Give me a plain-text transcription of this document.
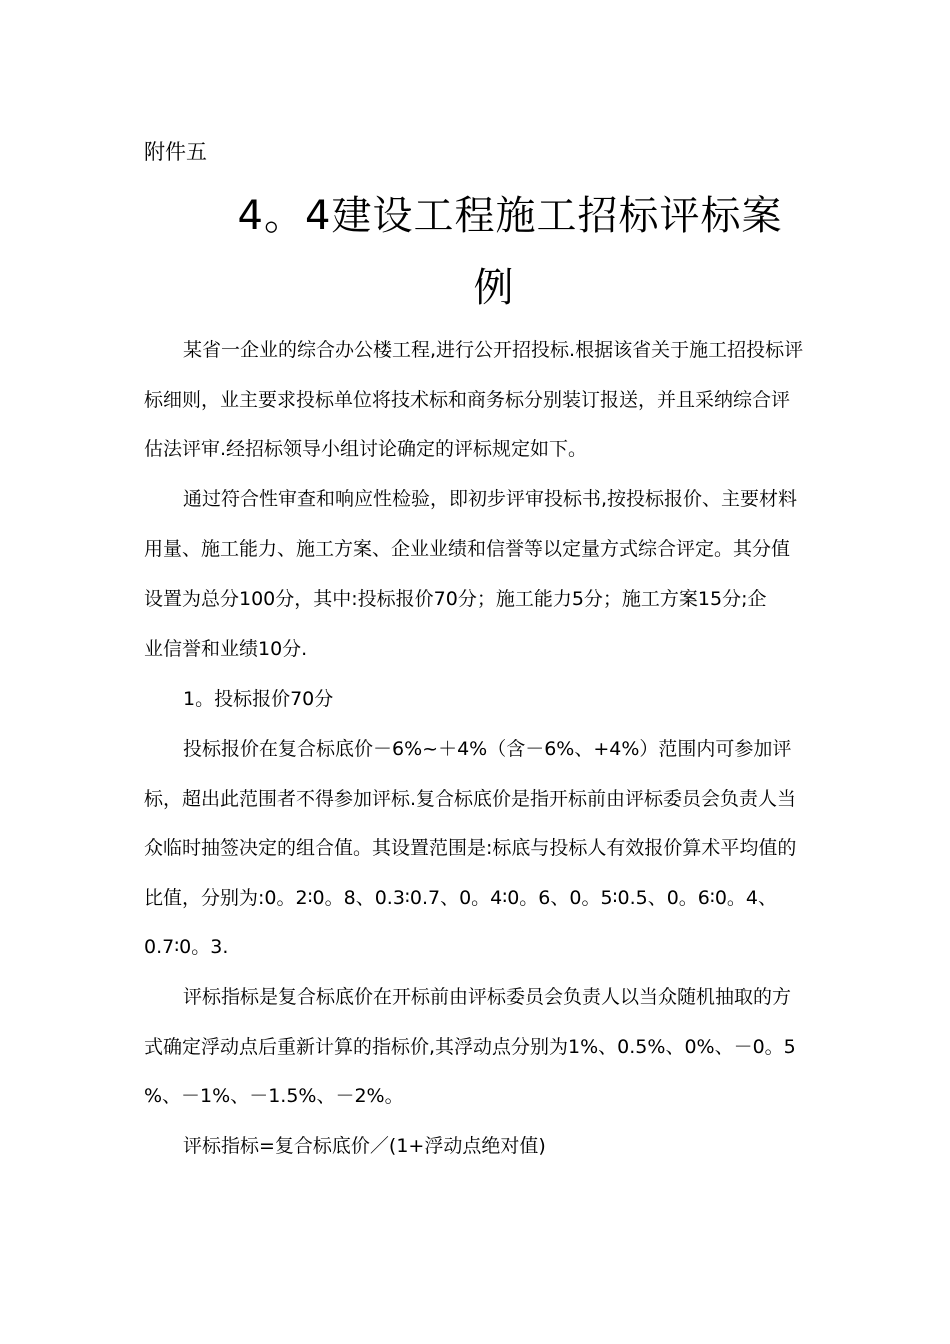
附件五

4。4建设工程施工招标评标案
例

某省一企业的综合办公楼工程,进行公开招投标.根据该省关于施工招投标评

标细则，业主要求投标单位将技术标和商务标分别装订报送，并且采纳综合评

估法评审.经招标领导小组讨论确定的评标规定如下。

通过符合性审查和响应性检验，即初步评审投标书,按投标报价、主要材料

用量、施工能力、施工方案、企业业绩和信誉等以定量方式综合评定。其分值

设置为总分100分，其中:投标报价70分；施工能力5分；施工方案15分;企

业信誉和业绩10分.

1。投标报价70分

投标报价在复合标底价－6%~＋4%（含－6%、+4%）范围内可参加评

标，超出此范围者不得参加评标.复合标底价是指开标前由评标委员会负责人当

众临时抽签决定的组合值。其设置范围是:标底与投标人有效报价算术平均值的

比值，分别为:0。2∶0。8、0.3∶0.7、0。4∶0。6、0。5∶0.5、0。6∶0。4、

0.7∶0。3.

评标指标是复合标底价在开标前由评标委员会负责人以当众随机抽取的方

式确定浮动点后重新计算的指标价,其浮动点分别为1%、0.5%、0%、－0。5

%、－1%、－1.5%、－2%。

评标指标=复合标底价／(1+浮动点绝对值)
